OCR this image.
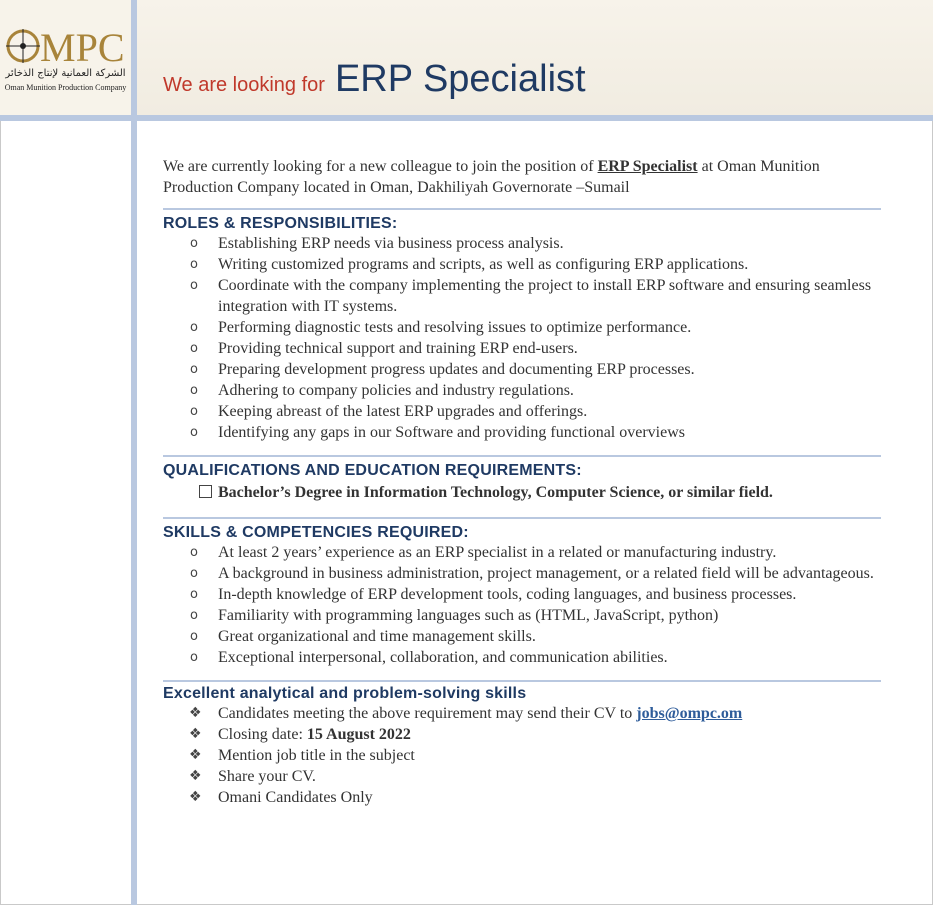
MPC
الشركة العمانية لإنتاج الذخائر
Oman Munition Production Company We are looking for ERP Specialist

We are currently looking for a new colleague to join the position of ERP Specialist at Oman Munition Production Company located in Oman, Dakhiliyah Governorate –Sumail

ROLES & RESPONSIBILITIES:
o Establishing ERP needs via business process analysis.
o Writing customized programs and scripts, as well as configuring ERP applications.
o Coordinate with the company implementing the project to install ERP software and ensuring seamless integration with IT systems.
o Performing diagnostic tests and resolving issues to optimize performance.
o Providing technical support and training ERP end-users.
o Preparing development progress updates and documenting ERP processes.
o Adhering to company policies and industry regulations.
o Keeping abreast of the latest ERP upgrades and offerings.
o Identifying any gaps in our Software and providing functional overviews
QUALIFICATIONS AND EDUCATION REQUIREMENTS:
Bachelor’s Degree in Information Technology, Computer Science, or similar field.
SKILLS & COMPETENCIES REQUIRED:
o At least 2 years’ experience as an ERP specialist in a related or manufacturing industry.
o A background in business administration, project management, or a related field will be advantageous.
o In-depth knowledge of ERP development tools, coding languages, and business processes.
o Familiarity with programming languages such as (HTML, JavaScript, python)
o Great organizational and time management skills.
o Exceptional interpersonal, collaboration, and communication abilities.
Excellent analytical and problem-solving skills
❖ Candidates meeting the above requirement may send their CV to jobs@ompc.om
❖ Closing date: 15 August 2022
❖ Mention job title in the subject
❖ Share your CV.
❖ Omani Candidates Only
